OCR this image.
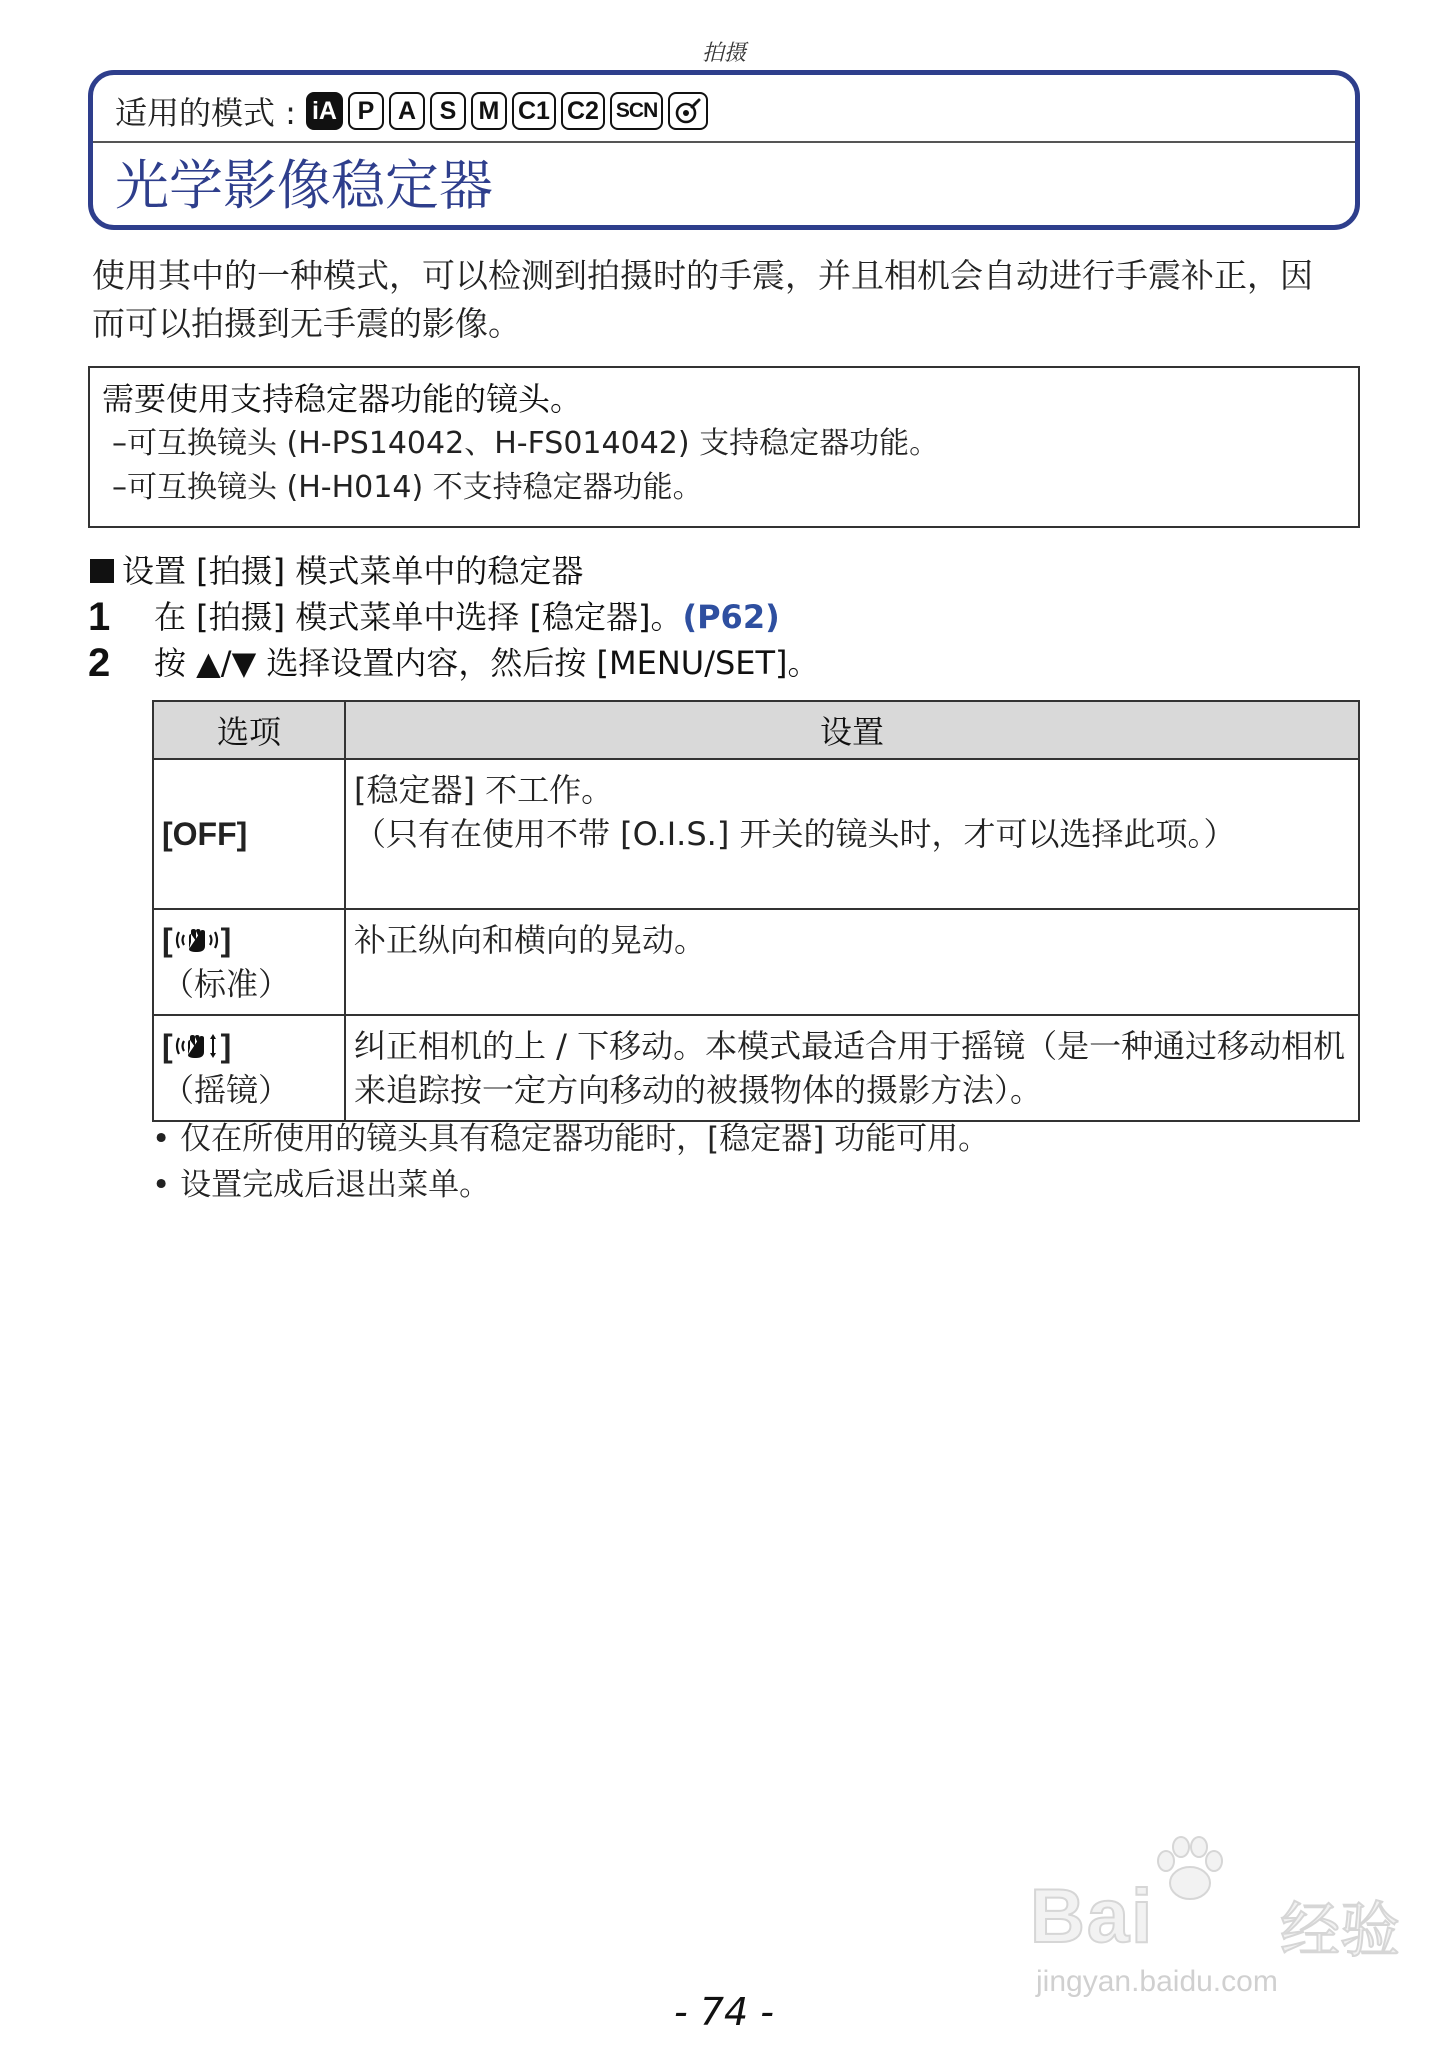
拍摄
适用的模式 : iA P A S M C1 C2 SCN
光学影像稳定器
使用其中的一种模式，可以检测到拍摄时的手震，并且相机会自动进行手震补正，因而可以拍摄到无手震的影像。
需要使用支持稳定器功能的镜头。
–可互换镜头 (H-PS14042、H-FS014042) 支持稳定器功能。
–可互换镜头 (H-H014) 不支持稳定器功能。
设置 [拍摄] 模式菜单中的稳定器
1	在 [拍摄] 模式菜单中选择 [稳定器]。 (P62)
2	按 ▲/▼ 选择设置内容，然后按 [MENU/SET]。
选项	设置
[OFF]	[稳定器] 不工作。
（只有在使用不带 [O.I.S.] 开关的镜头时，才可以选择此项。）

[ ]
（标准）	补正纵向和横向的晃动。

[ ]
（摇镜）	纠正相机的上 / 下移动。本模式最适合用于摇镜（是一种通过移动相机来追踪按一定方向移动的被摄物体的摄影方法）。
• 仅在所使用的镜头具有稳定器功能时，[稳定器] 功能可用。
• 设置完成后退出菜单。
Bai 经验
jingyan.baidu.com
- 74 -
